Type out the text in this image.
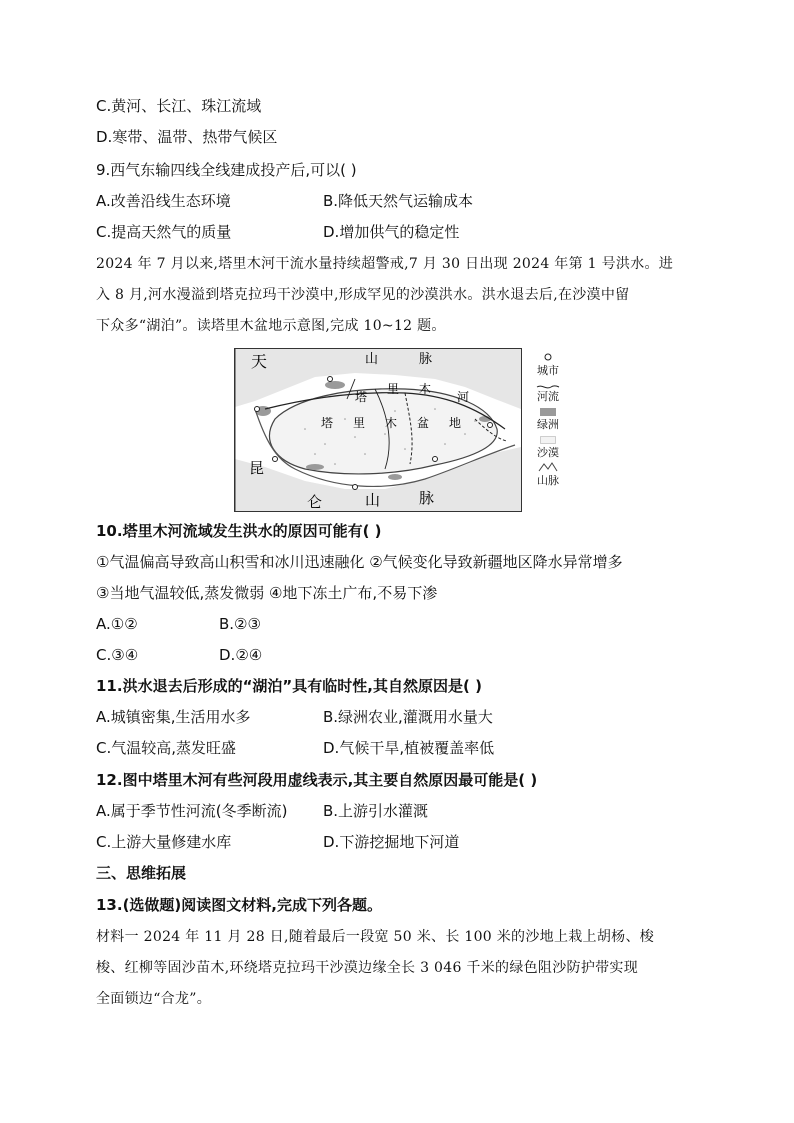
C.黄河、长江、珠江流域
D.寒带、温带、热带气候区
9.西气东输四线全线建成投产后,可以( )
A.改善沿线生态环境	B.降低天然气运输成本
C.提高天然气的质量	D.增加供气的稳定性
2024 年 7 月以来,塔里木河干流水量持续超警戒,7 月 30 日出现 2024 年第 1 号洪水。进
入 8 月,河水漫溢到塔克拉玛干沙漠中,形成罕见的沙漠洪水。洪水退去后,在沙漠中留
下众多“湖泊”。读塔里木盆地示意图,完成 10~12 题。
天	山	脉
塔
里 木
河
塔 里 木 盆 地
昆
仑	山	脉
城市
河流
绿洲
沙漠
山脉
10.塔里木河流域发生洪水的原因可能有( )
①气温偏高导致高山积雪和冰川迅速融化 ②气候变化导致新疆地区降水异常增多
③当地气温较低,蒸发微弱 ④地下冻土广布,不易下渗
A.①②	B.②③
C.③④	D.②④
11.洪水退去后形成的“湖泊”具有临时性,其自然原因是( )
A.城镇密集,生活用水多	B.绿洲农业,灌溉用水量大
C.气温较高,蒸发旺盛	D.气候干旱,植被覆盖率低
12.图中塔里木河有些河段用虚线表示,其主要自然原因最可能是( )
A.属于季节性河流(冬季断流) B.上游引水灌溉
C.上游大量修建水库	D.下游挖掘地下河道
三、思维拓展
13.(选做题)阅读图文材料,完成下列各题。
材料一 2024 年 11 月 28 日,随着最后一段宽 50 米、长 100 米的沙地上栽上胡杨、梭
梭、红柳等固沙苗木,环绕塔克拉玛干沙漠边缘全长 3 046 千米的绿色阻沙防护带实现
全面锁边“合龙”。
